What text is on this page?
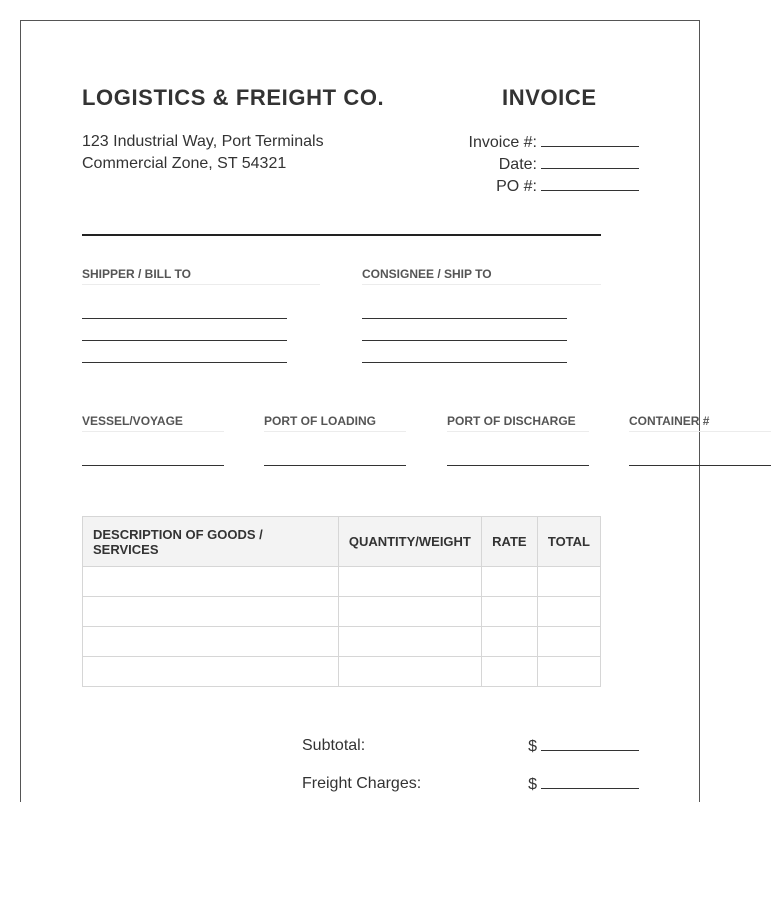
LOGISTICS & FREIGHT CO.	INVOICE
123 Industrial Way, Port Terminals
Commercial Zone, ST 54321
Invoice #:
Date:
PO #:
SHIPPER / BILL TO	CONSIGNEE / SHIP TO
VESSEL/VOYAGE	PORT OF LOADING	PORT OF DISCHARGE	CONTAINER #
DESCRIPTION OF GOODS / SERVICES	QUANTITY/WEIGHT	RATE	TOTAL

Subtotal:	$
Freight Charges:	$
